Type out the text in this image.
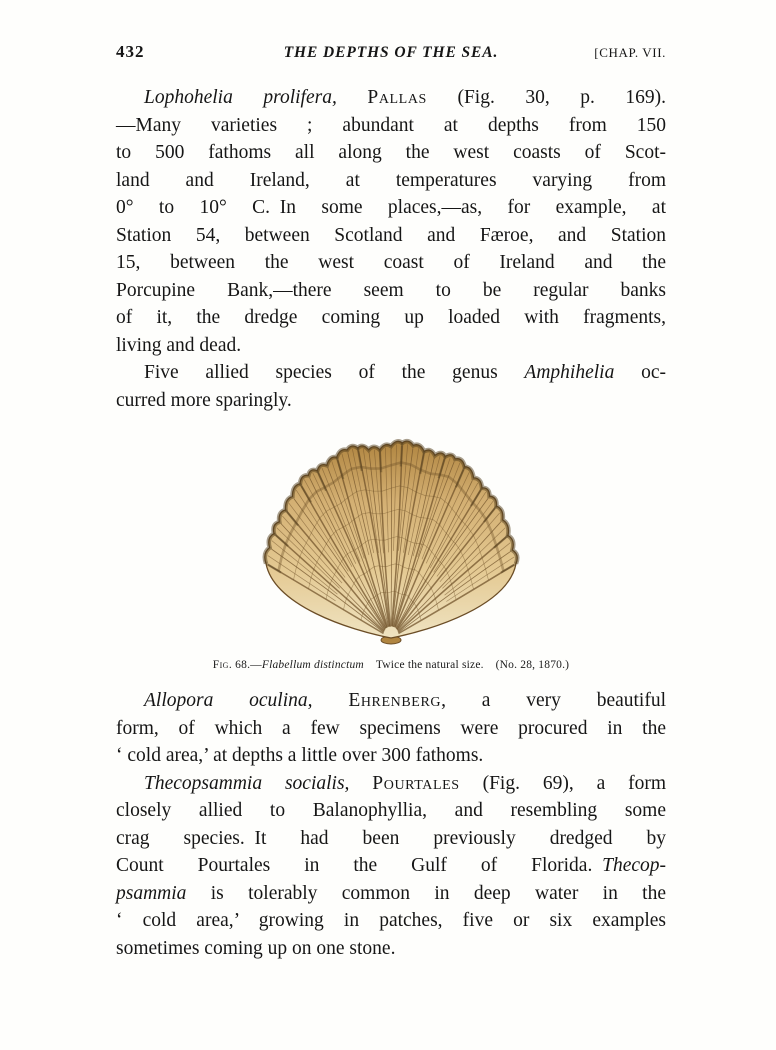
432	THE DEPTHS OF THE SEA.	[CHAP. VII.
Lophohelia prolifera, Pallas (Fig. 30, p. 169).
—Many varieties ; abundant at depths from 150
to 500 fathoms all along the west coasts of Scot-
land and Ireland, at temperatures varying from
0° to 10° C. In some places,—as, for example, at
Station 54, between Scotland and Færoe, and Station
15, between the west coast of Ireland and the
Porcupine Bank,—there seem to be regular banks
of it, the dredge coming up loaded with fragments,
living and dead.
Five allied species of the genus Amphihelia oc-
curred more sparingly.
Fig. 68.—Flabellum distinctum  Twice the natural size.  (No. 28, 1870.)
Allopora oculina, Ehrenberg, a very beautiful
form, of which a few specimens were procured in the
‘ cold area,’ at depths a little over 300 fathoms.
Thecopsammia socialis, Pourtales (Fig. 69), a form
closely allied to Balanophyllia, and resembling some
crag species. It had been previously dredged by
Count Pourtales in the Gulf of Florida. Thecop-
psammia is tolerably common in deep water in the
‘ cold area,’ growing in patches, five or six examples
sometimes coming up on one stone.
